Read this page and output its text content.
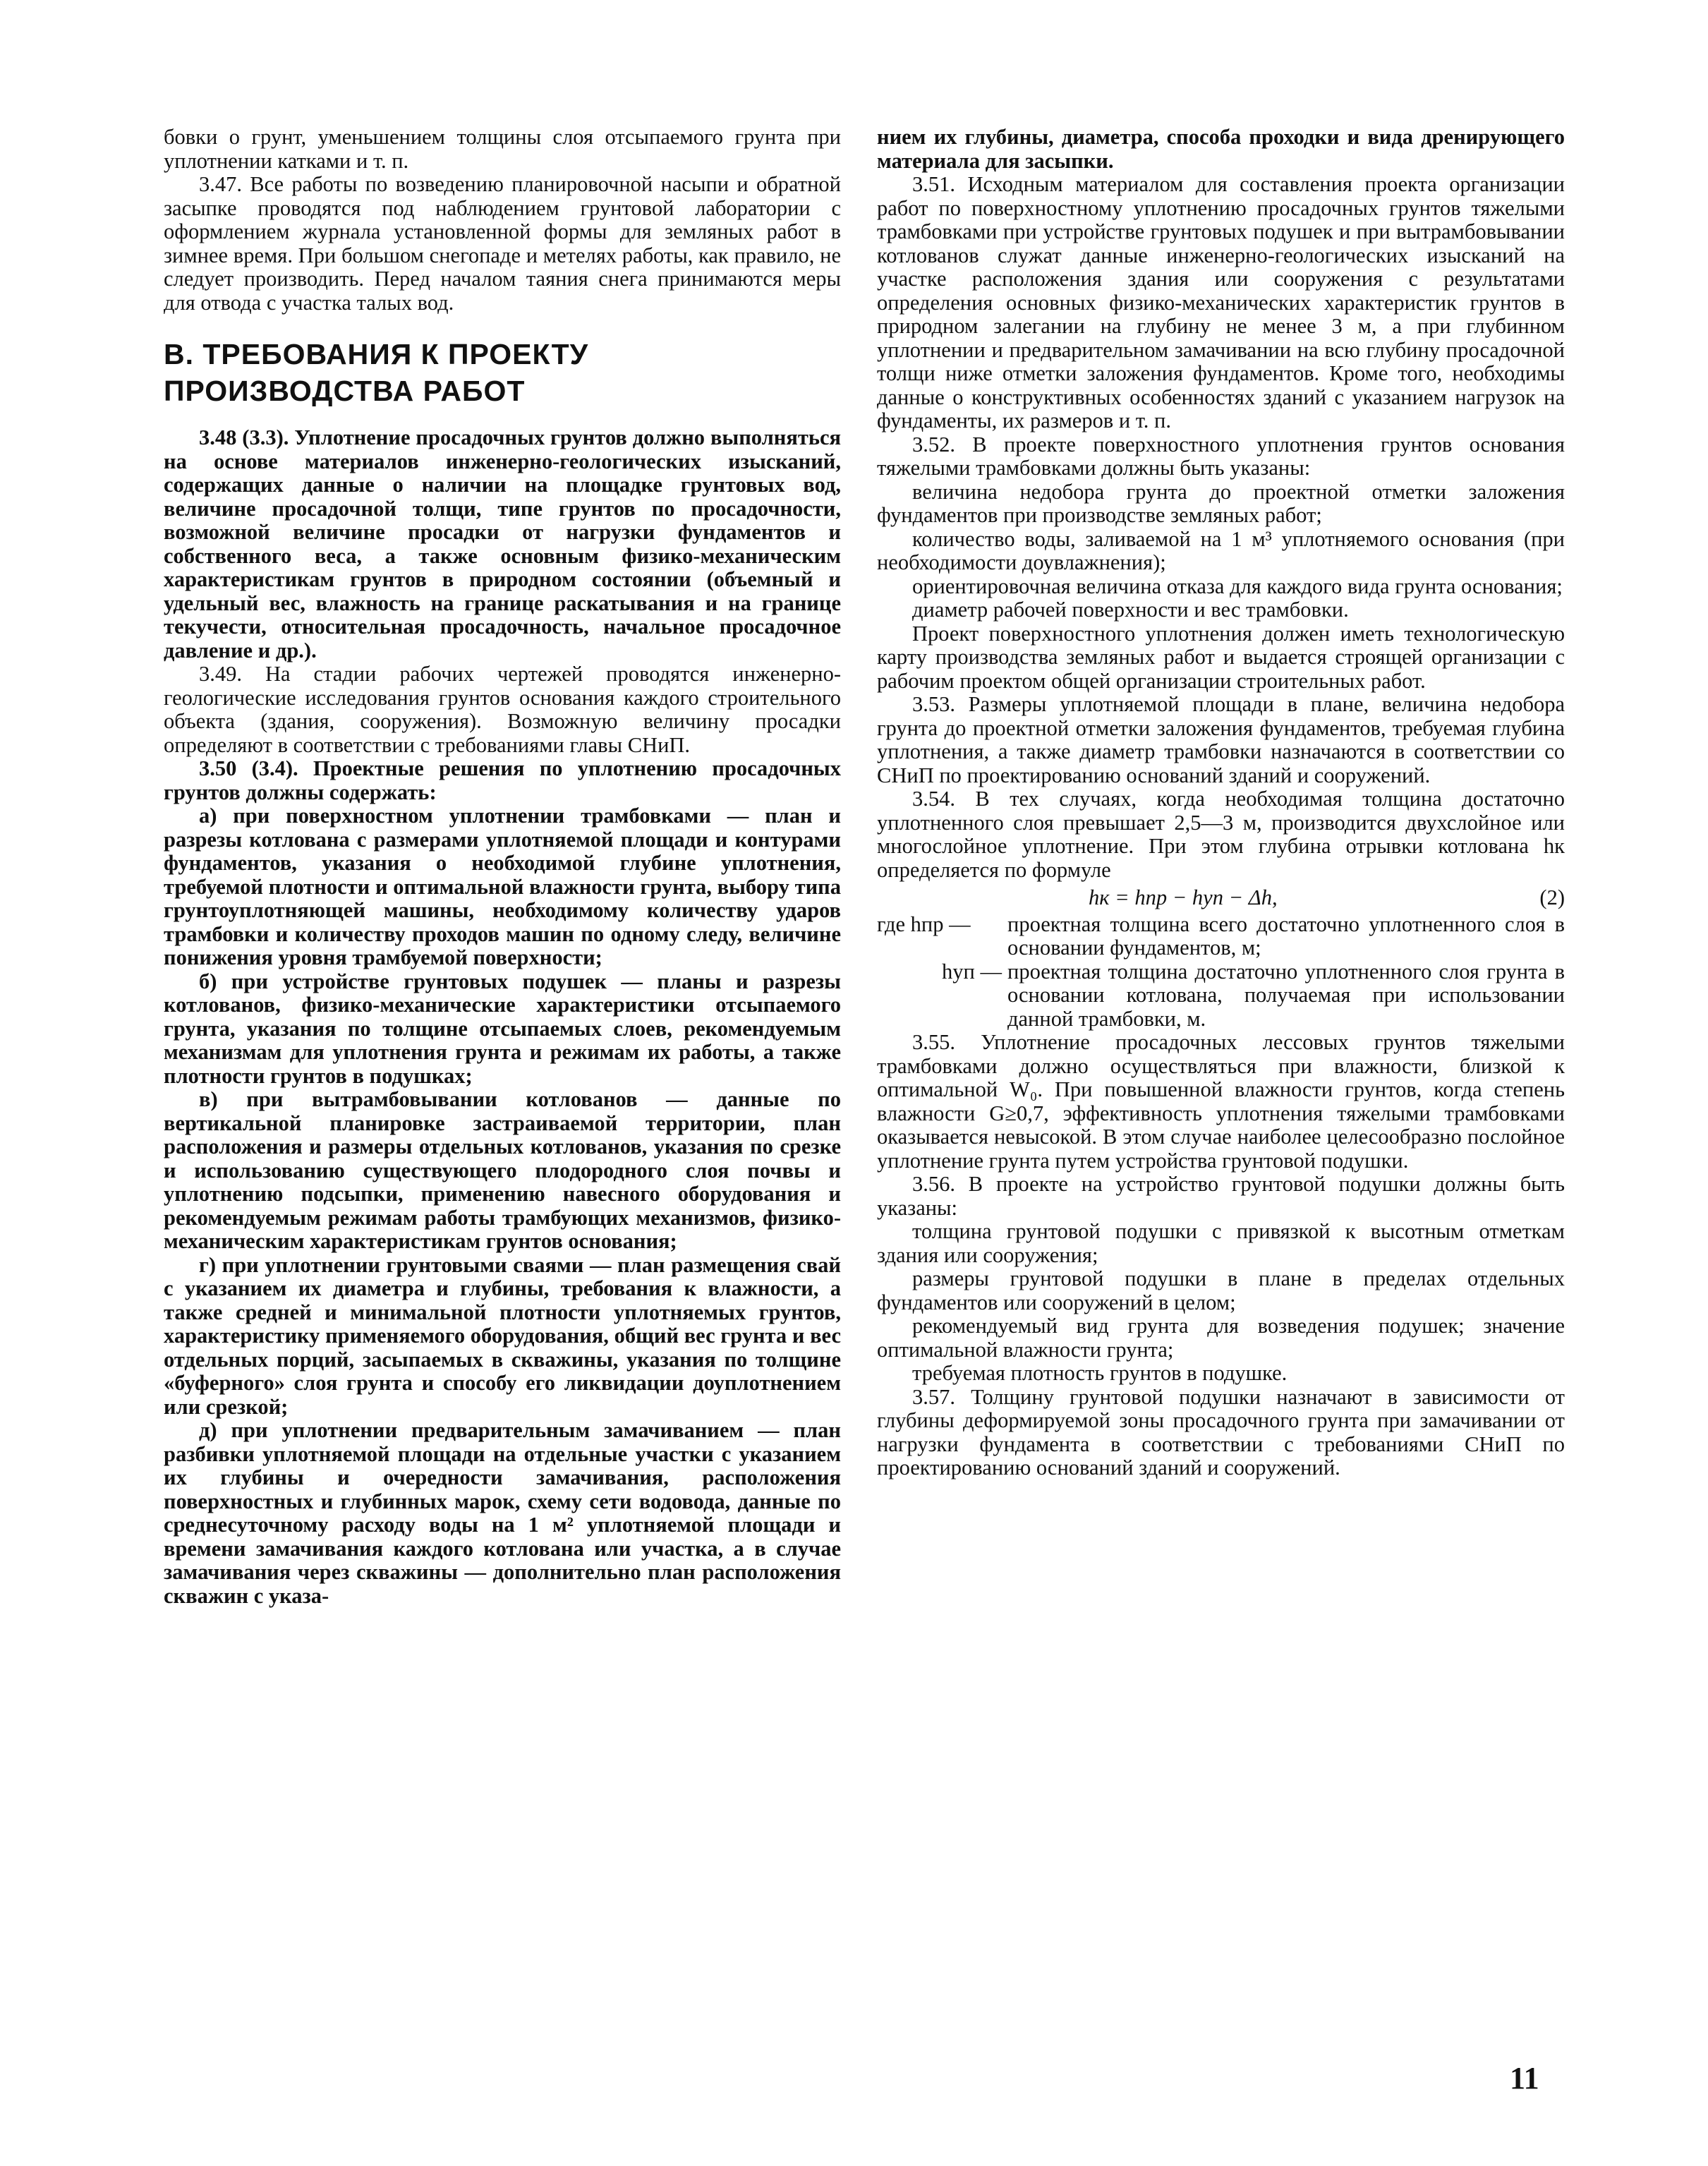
бовки о грунт, уменьшением толщины слоя отсыпаемого грунта при уплотнении катками и т. п.

3.47. Все работы по возведению планировочной насыпи и обратной засыпке проводятся под наблюдением грунтовой лаборатории с оформлением журнала установленной формы для земляных работ в зимнее время. При большом снегопаде и метелях работы, как правило, не следует производить. Перед началом таяния снега принимаются меры для отвода с участка талых вод.

В. ТРЕБОВАНИЯ К ПРОЕКТУ
ПРОИЗВОДСТВА РАБОТ

3.48 (3.3). Уплотнение просадочных грунтов должно выполняться на основе материалов инженерно-геологических изысканий, содержащих данные о наличии на площадке грунтовых вод, величине просадочной толщи, типе грунтов по просадочности, возможной величине просадки от нагрузки фундаментов и собственного веса, а также основным физико-механическим характеристикам грунтов в природном состоянии (объемный и удельный вес, влажность на границе раскатывания и на границе текучести, относительная просадочность, начальное просадочное давление и др.).

3.49. На стадии рабочих чертежей проводятся инженерно-геологические исследования грунтов основания каждого строительного объекта (здания, сооружения). Возможную величину просадки определяют в соответствии с требованиями главы СНиП.

3.50 (3.4). Проектные решения по уплотнению просадочных грунтов должны содержать:

а) при поверхностном уплотнении трамбовками — план и разрезы котлована с размерами уплотняемой площади и контурами фундаментов, указания о необходимой глубине уплотнения, требуемой плотности и оптимальной влажности грунта, выбору типа грунтоуплотняющей машины, необходимому количеству ударов трамбовки и количеству проходов машин по одному следу, величине понижения уровня трамбуемой поверхности;

б) при устройстве грунтовых подушек — планы и разрезы котлованов, физико-механические характеристики отсыпаемого грунта, указания по толщине отсыпаемых слоев, рекомендуемым механизмам для уплотнения грунта и режимам их работы, а также плотности грунтов в подушках;

в) при вытрамбовывании котлованов — данные по вертикальной планировке застраиваемой территории, план расположения и размеры отдельных котлованов, указания по срезке и использованию существующего плодородного слоя почвы и уплотнению подсыпки, применению навесного оборудования и рекомендуемым режимам работы трамбующих механизмов, физико-механическим характеристикам грунтов основания;

г) при уплотнении грунтовыми сваями — план размещения свай с указанием их диаметра и глубины, требования к влажности, а также средней и минимальной плотности уплотняемых грунтов, характеристику применяемого оборудования, общий вес грунта и вес отдельных порций, засыпаемых в скважины, указания по толщине «буферного» слоя грунта и способу его ликвидации доуплотнением или срезкой;

д) при уплотнении предварительным замачиванием — план разбивки уплотняемой площади на отдельные участки с указанием их глубины и очередности замачивания, расположения поверхностных и глубинных марок, схему сети водовода, данные по среднесуточному расходу воды на 1 м² уплотняемой площади и времени замачивания каждого котлована или участка, а в случае замачивания через скважины — дополнительно план расположения скважин с указа-

нием их глубины, диаметра, способа проходки и вида дренирующего материала для засыпки.

3.51. Исходным материалом для составления проекта организации работ по поверхностному уплотнению просадочных грунтов тяжелыми трамбовками при устройстве грунтовых подушек и при вытрамбовывании котлованов служат данные инженерно-геологических изысканий на участке расположения здания или сооружения с результатами определения основных физико-механических характеристик грунтов в природном залегании на глубину не менее 3 м, а при глубинном уплотнении и предварительном замачивании на всю глубину просадочной толщи ниже отметки заложения фундаментов. Кроме того, необходимы данные о конструктивных особенностях зданий с указанием нагрузок на фундаменты, их размеров и т. п.

3.52. В проекте поверхностного уплотнения грунтов основания тяжелыми трамбовками должны быть указаны:

величина недобора грунта до проектной отметки заложения фундаментов при производстве земляных работ;

количество воды, заливаемой на 1 м³ уплотняемого основания (при необходимости доувлажнения);

ориентировочная величина отказа для каждого вида грунта основания;

диаметр рабочей поверхности и вес трамбовки.

Проект поверхностного уплотнения должен иметь технологическую карту производства земляных работ и выдается строящей организации с рабочим проектом общей организации строительных работ.

3.53. Размеры уплотняемой площади в плане, величина недобора грунта до проектной отметки заложения фундаментов, требуемая глубина уплотнения, а также диаметр трамбовки назначаются в соответствии со СНиП по проектированию оснований зданий и сооружений.

3.54. В тех случаях, когда необходимая толщина достаточно уплотненного слоя превышает 2,5—3 м, производится двухслойное или многослойное уплотнение. При этом глубина отрывки котлована hк определяется по формуле

hк = hпр − hуп − Δh,	(2)
где hпр —	проектная толщина всего достаточно уплотненного слоя в основании фундаментов, м;
hуп — проектная толщина достаточно уплотненного слоя грунта в основании котлована, получаемая при использовании данной трамбовки, м.

3.55. Уплотнение просадочных лессовых грунтов тяжелыми трамбовками должно осуществляться при влажности, близкой к оптимальной W₀. При повышенной влажности грунтов, когда степень влажности G≥0,7, эффективность уплотнения тяжелыми трамбовками оказывается невысокой. В этом случае наиболее целесообразно послойное уплотнение грунта путем устройства грунтовой подушки.

3.56. В проекте на устройство грунтовой подушки должны быть указаны:

толщина грунтовой подушки с привязкой к высотным отметкам здания или сооружения;

размеры грунтовой подушки в плане в пределах отдельных фундаментов или сооружений в целом;

рекомендуемый вид грунта для возведения подушек; значение оптимальной влажности грунта;

требуемая плотность грунтов в подушке.

3.57. Толщину грунтовой подушки назначают в зависимости от глубины деформируемой зоны просадочного грунта при замачивании от нагрузки фундамента в соответствии с требованиями СНиП по проектированию оснований зданий и сооружений.

11
